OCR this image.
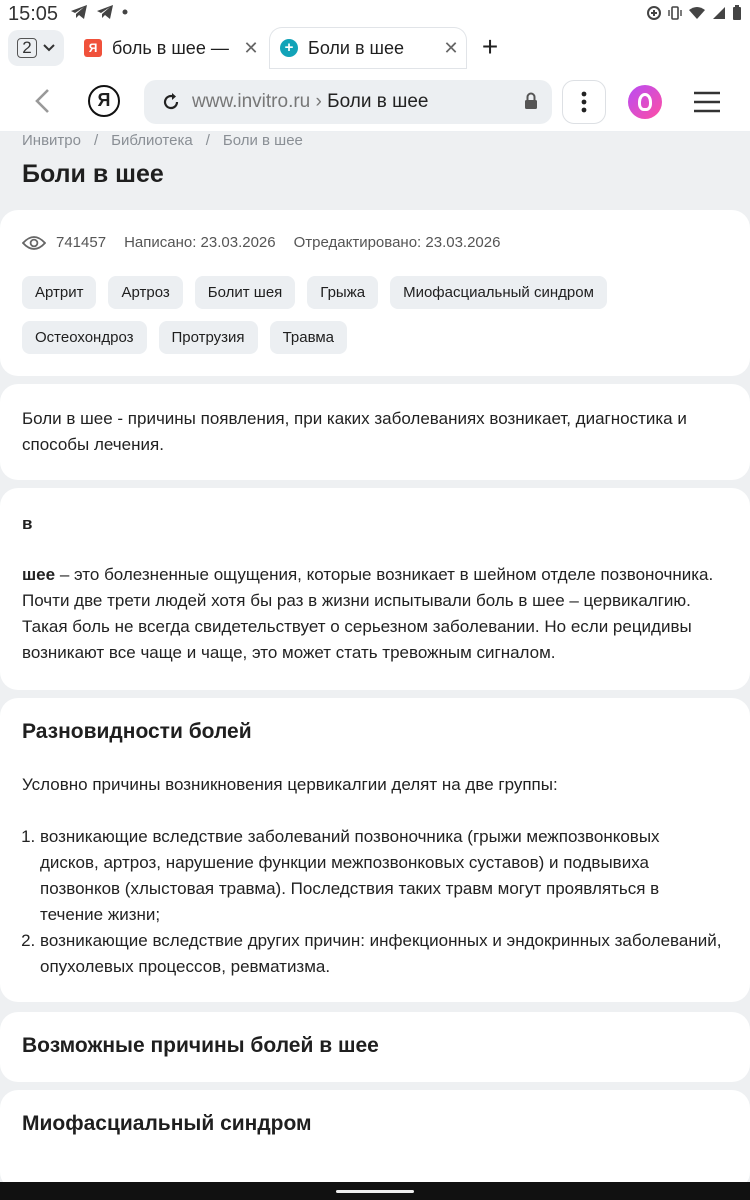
15:05
2	Я боль в шее — ✕	+ Боли в шее	✕ +
Я	www.invitro.ru › Боли в шее
Инвитро / Библиотека / Боли в шее
Боли в шее
741457 Написано: 23.03.2026 Отредактировано: 23.03.2026
Артрит	Артроз	Болит шея	Грыжа	Миофасциальный синдром
Остеохондроз	Протрузия	Травма

Боли в шее - причины появления, при каких заболеваниях возникает, диагностика и способы лечения.

в

шее – это болезненные ощущения, которые возникает в шейном отделе позвоночника. Почти две трети людей хотя бы раз в жизни испытывали боль в шее – цервикалгию. Такая боль не всегда свидетельствует о серьезном заболевании. Но если рецидивы возникают все чаще и чаще, это может стать тревожным сигналом.

Разновидности болей

Условно причины возникновения цервикалгии делят на две группы:

1. возникающие вследствие заболеваний позвоночника (грыжи межпозвонковых дисков, артроз, нарушение функции межпозвонковых суставов) и подвывиха позвонков (хлыстовая травма). Последствия таких травм могут проявляться в течение жизни;
2. возникающие вследствие других причин: инфекционных и эндокринных заболеваний, опухолевых процессов, ревматизма.
Возможные причины болей в шее
Миофасциальный синдром
